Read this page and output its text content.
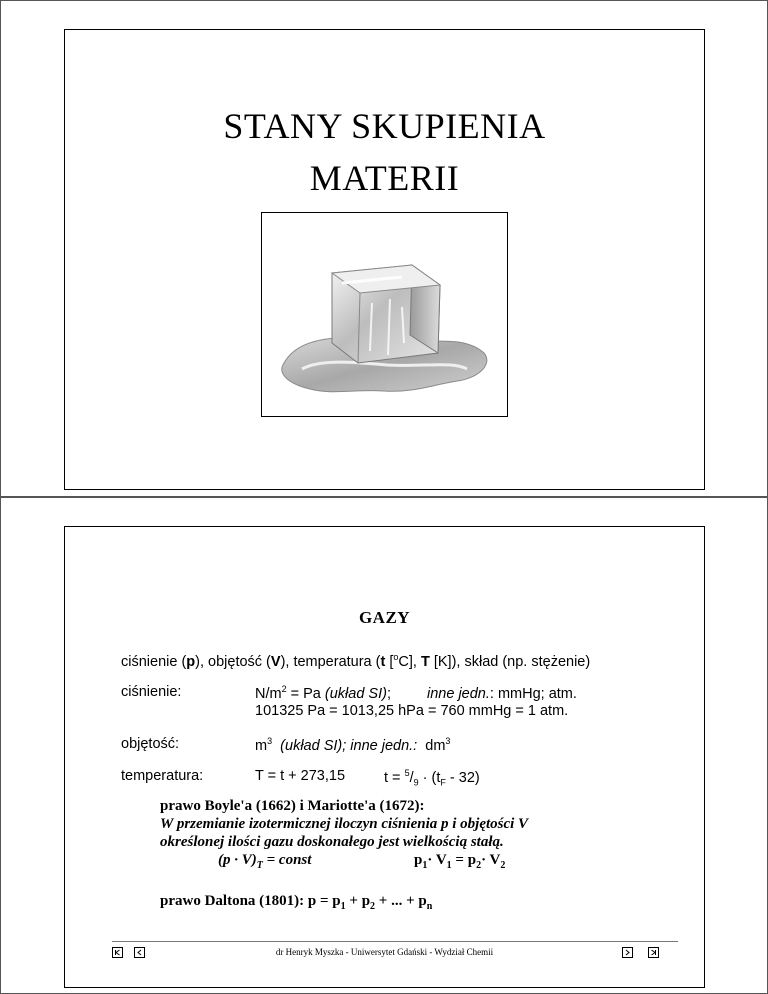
STANY SKUPIENIA
MATERII
GAZY
ciśnienie (p), objętość (V), temperatura (t [$^o$C], T [K]), skład (np. stężenie)
ciśnienie:	$N/m^2 = Pa$ (układ SI); inne jedn.: mmHg; atm.
101325 Pa = 1013,25 hPa = 760 mmHg = 1 atm.
objętość:	$m^3$ (układ SI); inne jedn.: $dm^3$
temperatura:	T = t + 273,15	$t = ^5/_9 \cdot (t_F - 32)$
prawo Boyle'a (1662) i Mariotte'a (1672):
W przemianie izotermicznej iloczyn ciśnienia p i objętości V
określonej ilości gazu doskonałego jest wielkością stałą.
$(p \cdot V)_T$ = const	$p_1\cdot V_1 = p_2\cdot V_2$
prawo Daltona (1801): $p = p_1 + p_2$ + ... + $p_n$
dr Henryk Myszka - Uniwersytet Gdański - Wydział Chemii
